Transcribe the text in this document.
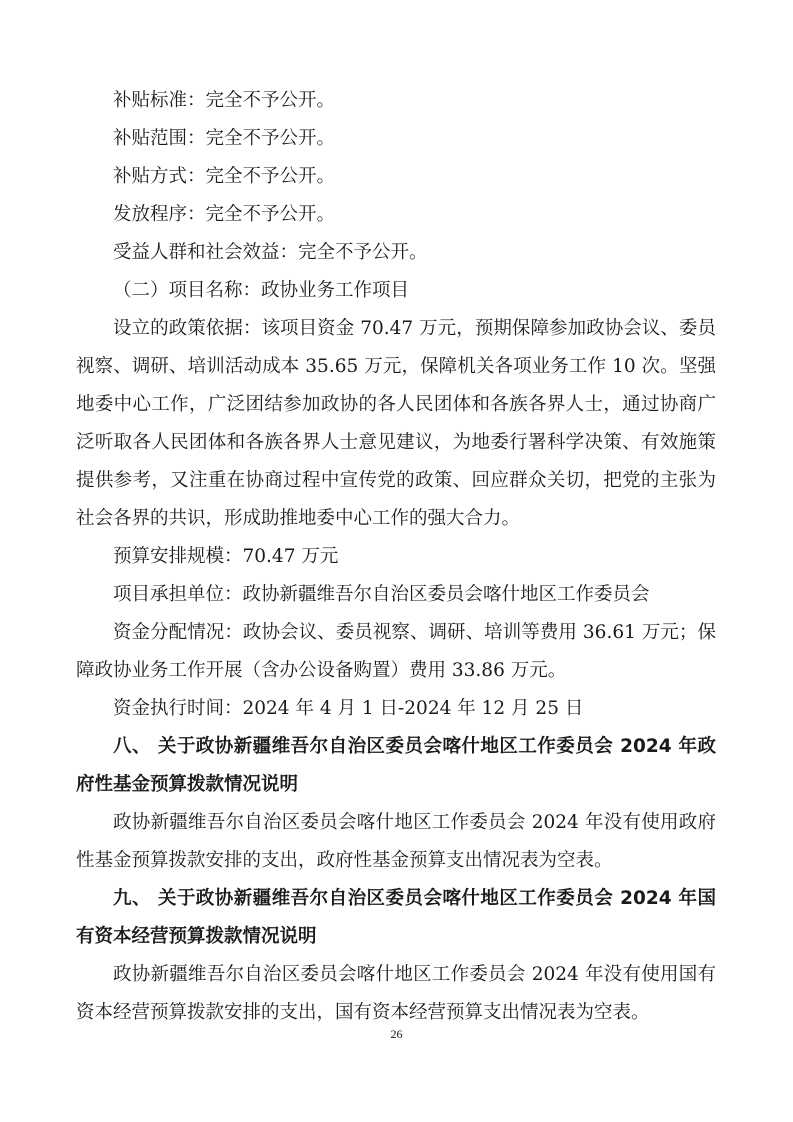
补贴标准：完全不予公开。
补贴范围：完全不予公开。
补贴方式：完全不予公开。
发放程序：完全不予公开。
受益人群和社会效益：完全不予公开。
（二）项目名称：政协业务工作项目
设立的政策依据：该项目资金 70.47 万元，预期保障参加政协会议、委员
视察、调研、培训活动成本 35.65 万元，保障机关各项业务工作 10 次。坚强
地委中心工作，广泛团结参加政协的各人民团体和各族各界人士，通过协商广
泛听取各人民团体和各族各界人士意见建议，为地委行署科学决策、有效施策
提供参考，又注重在协商过程中宣传党的政策、回应群众关切，把党的主张为
社会各界的共识，形成助推地委中心工作的强大合力。
预算安排规模：70.47 万元
项目承担单位：政协新疆维吾尔自治区委员会喀什地区工作委员会
资金分配情况：政协会议、委员视察、调研、培训等费用 36.61 万元；保
障政协业务工作开展（含办公设备购置）费用 33.86 万元。
资金执行时间：2024 年 4 月 1 日-2024 年 12 月 25 日
八、 关于政协新疆维吾尔自治区委员会喀什地区工作委员会 2024 年政
府性基金预算拨款情况说明
政协新疆维吾尔自治区委员会喀什地区工作委员会 2024 年没有使用政府
性基金预算拨款安排的支出，政府性基金预算支出情况表为空表。
九、 关于政协新疆维吾尔自治区委员会喀什地区工作委员会 2024 年国
有资本经营预算拨款情况说明
政协新疆维吾尔自治区委员会喀什地区工作委员会 2024 年没有使用国有
资本经营预算拨款安排的支出，国有资本经营预算支出情况表为空表。
26
